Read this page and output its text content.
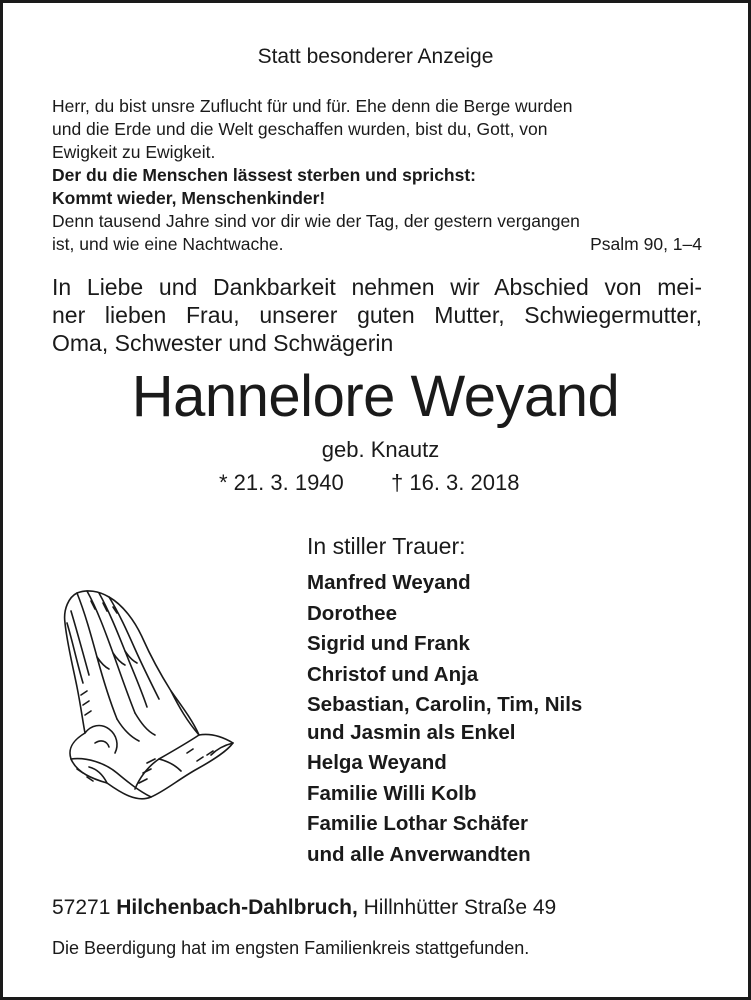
Statt besonderer Anzeige
Herr, du bist unsre Zuflucht für und für. Ehe denn die Berge wurden
und die Erde und die Welt geschaffen wurden, bist du, Gott, von
Ewigkeit zu Ewigkeit.
Der du die Menschen lässest sterben und sprichst:
Kommt wieder, Menschenkinder!
Denn tausend Jahre sind vor dir wie der Tag, der gestern vergangen
ist, und wie eine Nachtwache.	Psalm 90, 1–4
In Liebe und Dankbarkeit nehmen wir Abschied von mei-
ner lieben Frau, unserer guten Mutter, Schwiegermutter,
Oma, Schwester und Schwägerin
Hannelore Weyand
geb. Knautz
* 21. 3. 1940 † 16. 3. 2018
In stiller Trauer:
Manfred Weyand
Dorothee
Sigrid und Frank
Christof und Anja
Sebastian, Carolin, Tim, Nils
und Jasmin als Enkel
Helga Weyand
Familie Willi Kolb
Familie Lothar Schäfer
und alle Anverwandten
57271 Hilchenbach-Dahlbruch, Hillnhütter Straße 49
Die Beerdigung hat im engsten Familienkreis stattgefunden.
